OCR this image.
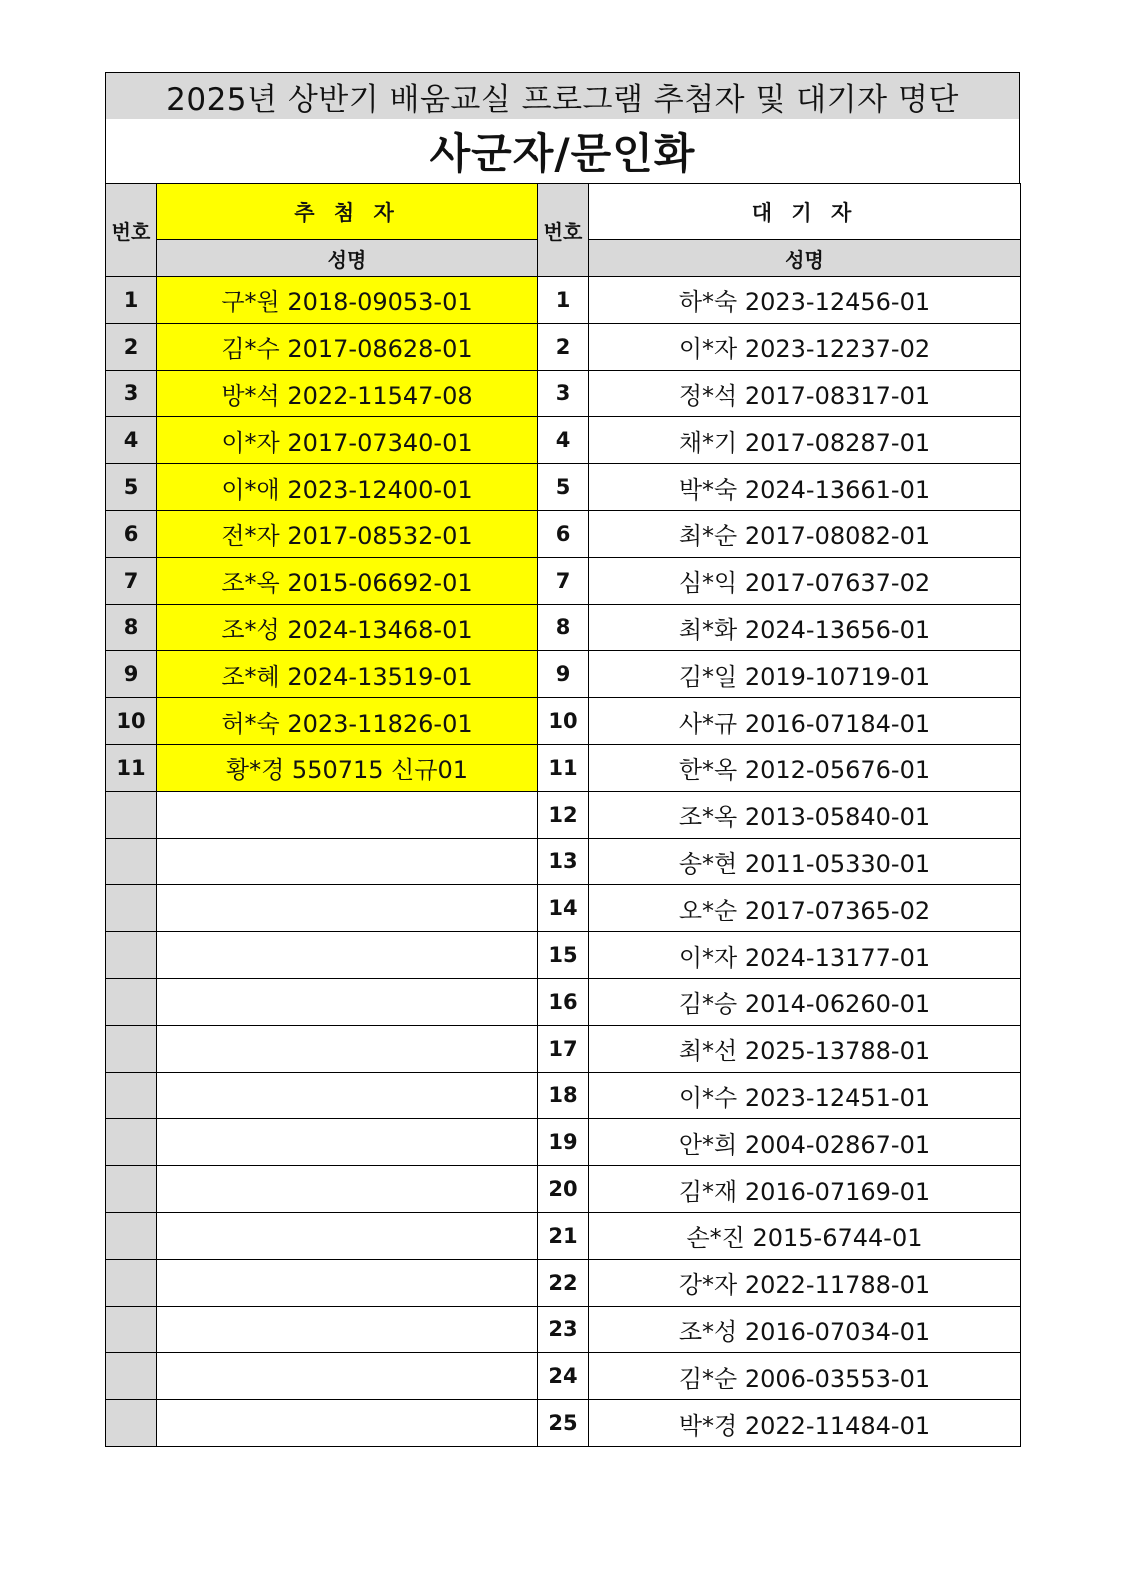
2025년 상반기 배움교실 프로그램 추첨자 및 대기자 명단
사군자/문인화
번호	추 첨 자	번호	대 기 자
	성명		성명
1	구*원 2018-09053-01	1	하*숙 2023-12456-01
2	김*수 2017-08628-01	2	이*자 2023-12237-02
3	방*석 2022-11547-08	3	정*석 2017-08317-01
4	이*자 2017-07340-01	4	채*기 2017-08287-01
5	이*애 2023-12400-01	5	박*숙 2024-13661-01
6	전*자 2017-08532-01	6	최*순 2017-08082-01
7	조*옥 2015-06692-01	7	심*익 2017-07637-02
8	조*성 2024-13468-01	8	최*화 2024-13656-01
9	조*혜 2024-13519-01	9	김*일 2019-10719-01
10	허*숙 2023-11826-01	10	사*규 2016-07184-01
11	황*경 550715 신규01	11	한*옥 2012-05676-01
		12	조*옥 2013-05840-01
		13	송*현 2011-05330-01
		14	오*순 2017-07365-02
		15	이*자 2024-13177-01
		16	김*승 2014-06260-01
		17	최*선 2025-13788-01
		18	이*수 2023-12451-01
		19	안*희 2004-02867-01
		20	김*재 2016-07169-01
		21	손*진 2015-6744-01
		22	강*자 2022-11788-01
		23	조*성 2016-07034-01
		24	김*순 2006-03553-01
		25	박*경 2022-11484-01
